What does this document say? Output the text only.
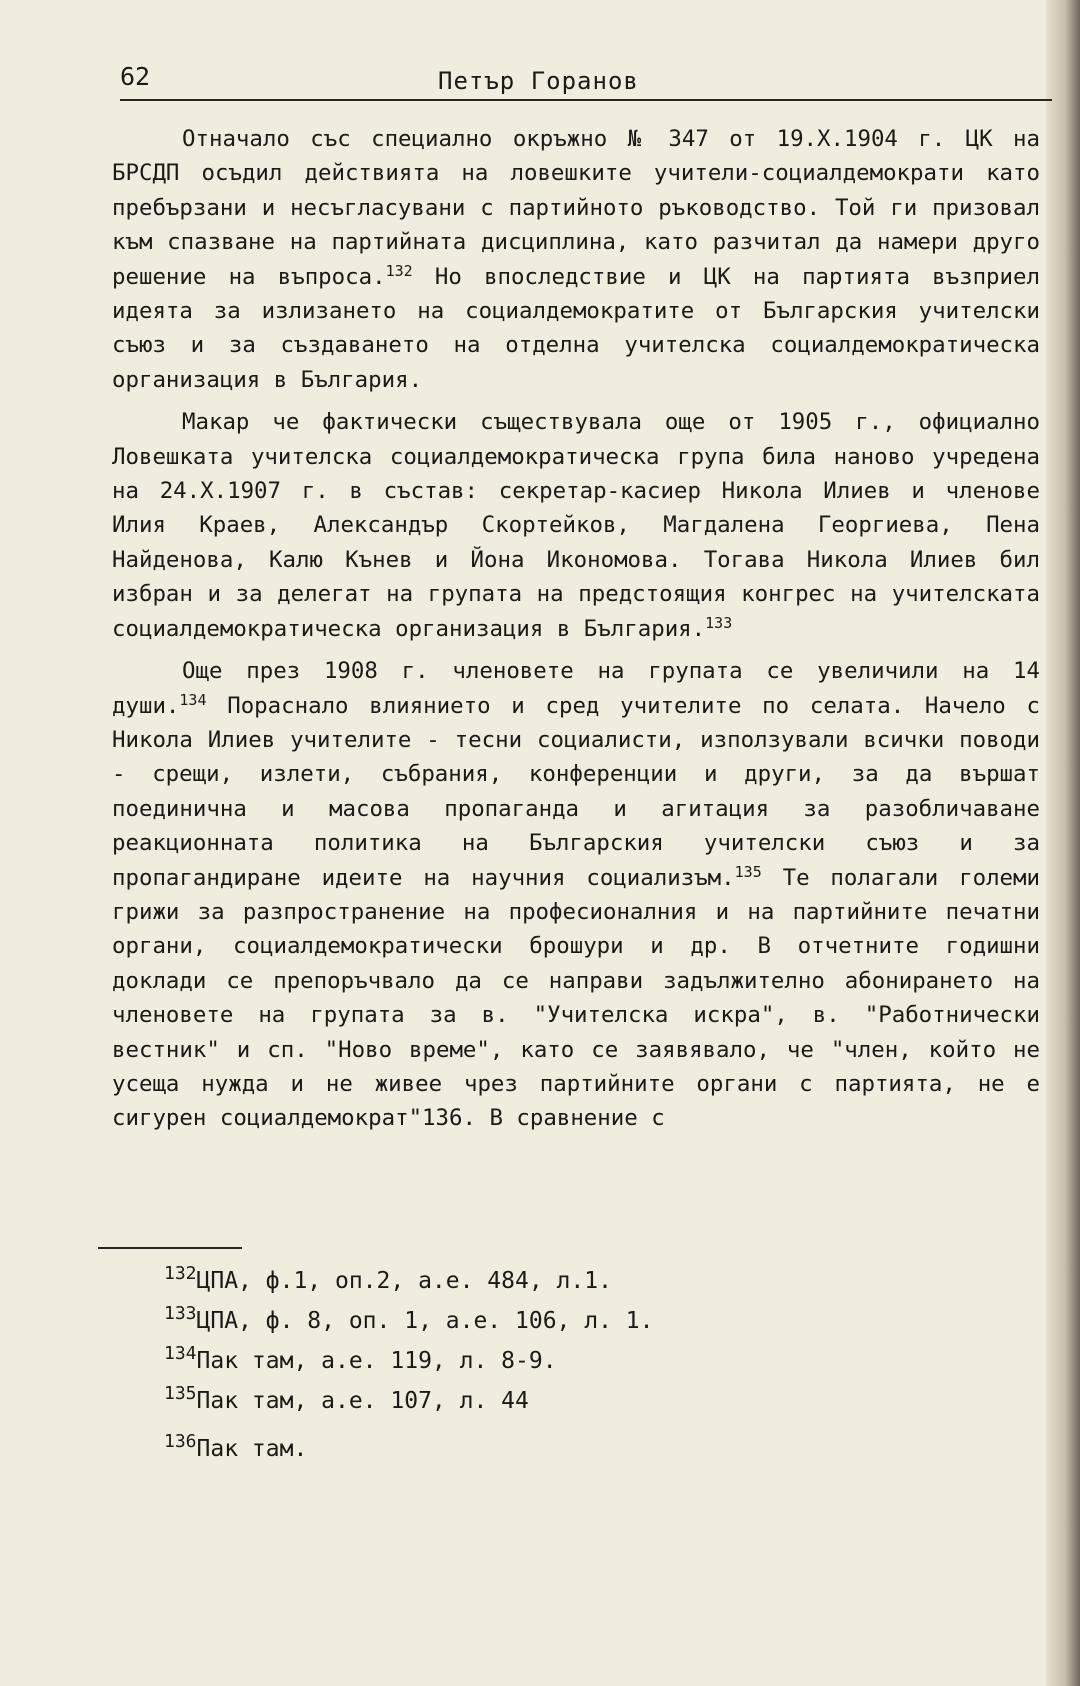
62	Петър Горанов

Отначало със специално окръжно № 347 от 19.X.1904 г. ЦК на БРСДП осъдил действията на ловешките учители-социалдемократи като пребързани и несъгласувани с партийното ръководство. Той ги призовал към спазване на партийната дисциплина, като разчитал да намери друго решение на въпроса.$^{132}$ Но впоследствие и ЦК на партията възприел идеята за излизането на социалдемократите от Българския учителски съюз и за създаването на отделна учителска социалдемократическа организация в България.

Макар че фактически съществувала още от 1905 г., официално Ловешката учителска социалдемократическа група била наново учредена на 24.X.1907 г. в състав: секретар-касиер Никола Илиев и членове Илия Краев, Александър Скортейков, Магдалена Георгиева, Пена Найденова, Калю Кънев и Йона Икономова. Тогава Никола Илиев бил избран и за делегат на групата на предстоящия конгрес на учителската социалдемократическа организация в България.$^{133}$

Още през 1908 г. членовете на групата се увеличили на 14 души.$^{134}$ Пораснало влиянието и сред учителите по селата. Начело с Никола Илиев учителите - тесни социалисти, използували всички поводи - срещи, излети, събрания, конференции и други, за да вършат поединична и масова пропаганда и агитация за разобличаване реакционната политика на Българския учителски съюз и за пропагандиране идеите на научния социализъм.$^{135}$ Те полагали големи грижи за разпространение на професионалния и на партийните печатни органи, социалдемократически брошури и др. В отчетните годишни доклади се препоръчвало да се направи задължително абонирането на членовете на групата за в. "Учителска искра", в. "Работнически вестник" и сп. "Ново време", като се заявявало, че "член, който не усеща нужда и не живее чрез партийните органи с партията, не е сигурен социалдемократ"136. В сравнение с

$^{132}$ЦПА, ф.1, оп.2, а.е. 484, л.1.

$^{133}$ЦПА, ф. 8, оп. 1, а.е. 106, л. 1.

$^{134}$Пак там, а.е. 119, л. 8-9.

$^{135}$Пак там, а.е. 107, л. 44

$^{136}$Пак там.
